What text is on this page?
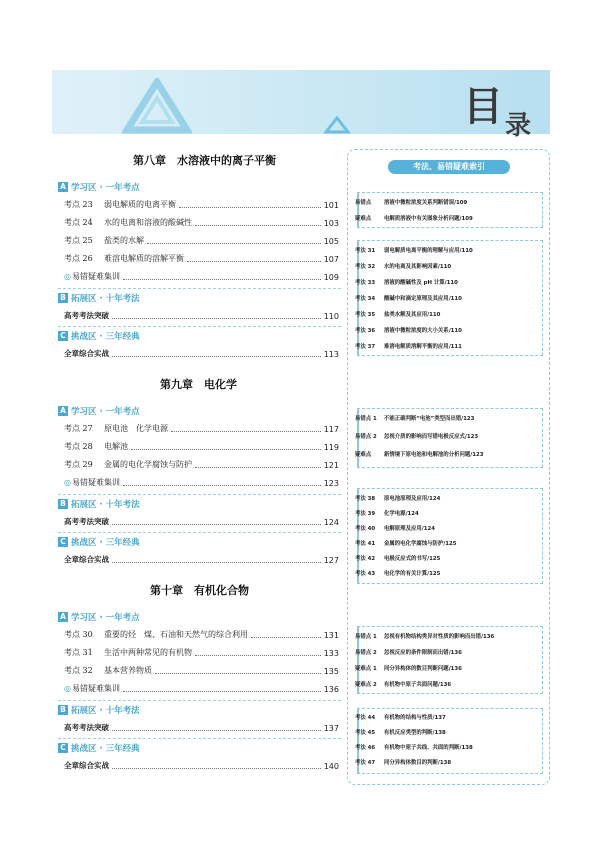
目 录
第八章　水溶液中的离子平衡
A 学习区 · 一年考点
考点 23 弱电解质的电离平衡	101
考点 24 水的电离和溶液的酸碱性	103
考点 25 盐类的水解	105
考点 26 难溶电解质的溶解平衡	107
◎易错疑难集训	109
B 拓展区 · 十年考法
高考考法突破	110
C 挑战区 · 三年经典
全章综合实战	113
第九章　电化学
A 学习区 · 一年考点
考点 27 原电池　化学电源	117
考点 28 电解池	119
考点 29 金属的电化学腐蚀与防护	121
◎易错疑难集训	123
B 拓展区 · 十年考法
高考考法突破	124
C 挑战区 · 三年经典
全章综合实战	127
第十章　有机化合物
A 学习区 · 一年考点
考点 30 重要的烃　煤、石油和天然气的综合利用	131
考点 31 生活中两种常见的有机物	133
考点 32 基本营养物质	135
◎易错疑难集训	136
B 拓展区 · 十年考法
高考考法突破	137
C 挑战区 · 三年经典
全章综合实战	140
考法、易错疑难索引
易错点 溶液中微粒浓度关系判断错误/109
疑难点 电解质溶液中有关图象分析问题/109
考法 31 弱电解质电离平衡的理解与应用/110
考法 32 水的电离及其影响因素/110
考法 33 溶液的酸碱性及 pH 计算/110
考法 34 酸碱中和滴定原理及其应用/110
考法 35 盐类水解及其应用/110
考法 36 溶液中微粒浓度的大小关系/110
考法 37 难溶电解质溶解平衡的应用/111
易错点 1 不能正确判断“电池”类型而出错/123
易错点 2 忽视介质的影响而写错电极反应式/123
疑难点 新情境下原电池和电解池的分析问题/123
考法 38 原电池原理及应用/124
考法 39 化学电源/124
考法 40 电解原理及应用/124
考法 41 金属的电化学腐蚀与防护/125
考法 42 电极反应式的书写/125
考法 43 电化学的有关计算/125
易错点 1 忽视有机物结构类异对性质的影响而出错/136
易错点 2 忽视反应的条件限制而出错/136
疑难点 1 同分异构体的数目判断问题/136
疑难点 2 有机物中原子共面问题/136
考法 44 有机物的结构与性质/137
考法 45 有机反应类型的判断/138
考法 46 有机物中原子共线、共面的判断/138
考法 47 同分异构体数目的判断/138
